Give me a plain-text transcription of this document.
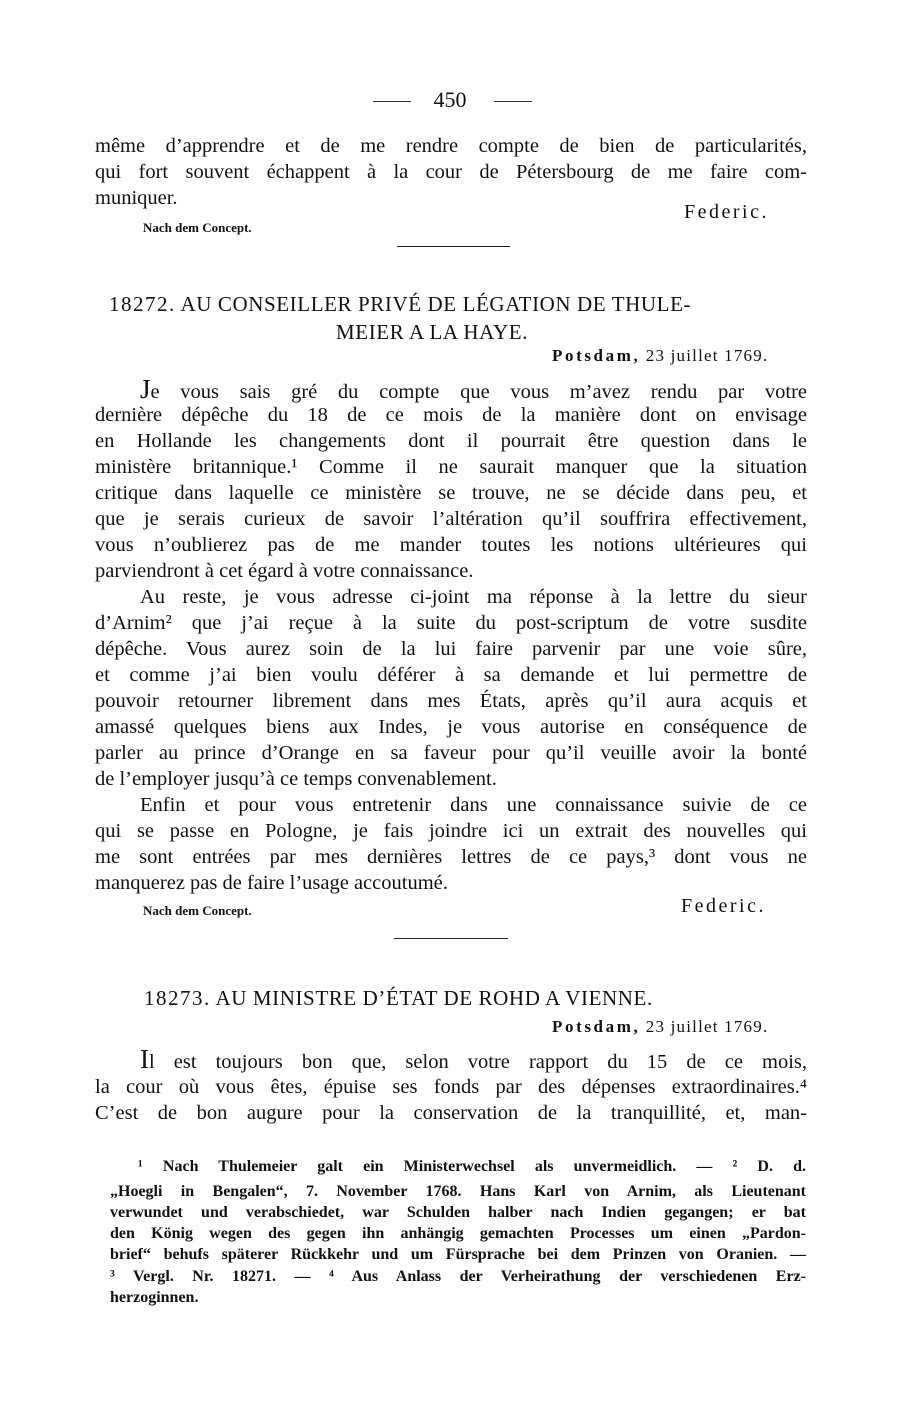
450
même d’apprendre et de me rendre compte de bien de particularités,
qui fort souvent échappent à la cour de Pétersbourg de me faire com-
muniquer.
Federic.
Nach dem Concept.
18272. AU CONSEILLER PRIVÉ DE LÉGATION DE THULE-
MEIER A LA HAYE.
Potsdam, 23 juillet 1769.
Je vous sais gré du compte que vous m’avez rendu par votre
dernière dépêche du 18 de ce mois de la manière dont on envisage
en Hollande les changements dont il pourrait être question dans le
ministère britannique.¹ Comme il ne saurait manquer que la situation
critique dans laquelle ce ministère se trouve, ne se décide dans peu, et
que je serais curieux de savoir l’altération qu’il souffrira effectivement,
vous n’oublierez pas de me mander toutes les notions ultérieures qui
parviendront à cet égard à votre connaissance.
Au reste, je vous adresse ci-joint ma réponse à la lettre du sieur
d’Arnim² que j’ai reçue à la suite du post-scriptum de votre susdite
dépêche. Vous aurez soin de la lui faire parvenir par une voie sûre,
et comme j’ai bien voulu déférer à sa demande et lui permettre de
pouvoir retourner librement dans mes États, après qu’il aura acquis et
amassé quelques biens aux Indes, je vous autorise en conséquence de
parler au prince d’Orange en sa faveur pour qu’il veuille avoir la bonté
de l’employer jusqu’à ce temps convenablement.
Enfin et pour vous entretenir dans une connaissance suivie de ce
qui se passe en Pologne, je fais joindre ici un extrait des nouvelles qui
me sont entrées par mes dernières lettres de ce pays,³ dont vous ne
manquerez pas de faire l’usage accoutumé.
Nach dem Concept.	Federic.
18273. AU MINISTRE D’ÉTAT DE ROHD A VIENNE.
Potsdam, 23 juillet 1769.
Il est toujours bon que, selon votre rapport du 15 de ce mois,
la cour où vous êtes, épuise ses fonds par des dépenses extraordinaires.⁴
C’est de bon augure pour la conservation de la tranquillité, et, man-
¹ Nach Thulemeier galt ein Ministerwechsel als unvermeidlich. — ² D. d.
„Hoegli in Bengalen“, 7. November 1768. Hans Karl von Arnim, als Lieutenant
verwundet und verabschiedet, war Schulden halber nach Indien gegangen; er bat
den König wegen des gegen ihn anhängig gemachten Processes um einen „Pardon-
brief“ behufs späterer Rückkehr und um Fürsprache bei dem Prinzen von Oranien. —
³ Vergl. Nr. 18271. — ⁴ Aus Anlass der Verheirathung der verschiedenen Erz-
herzoginnen.
